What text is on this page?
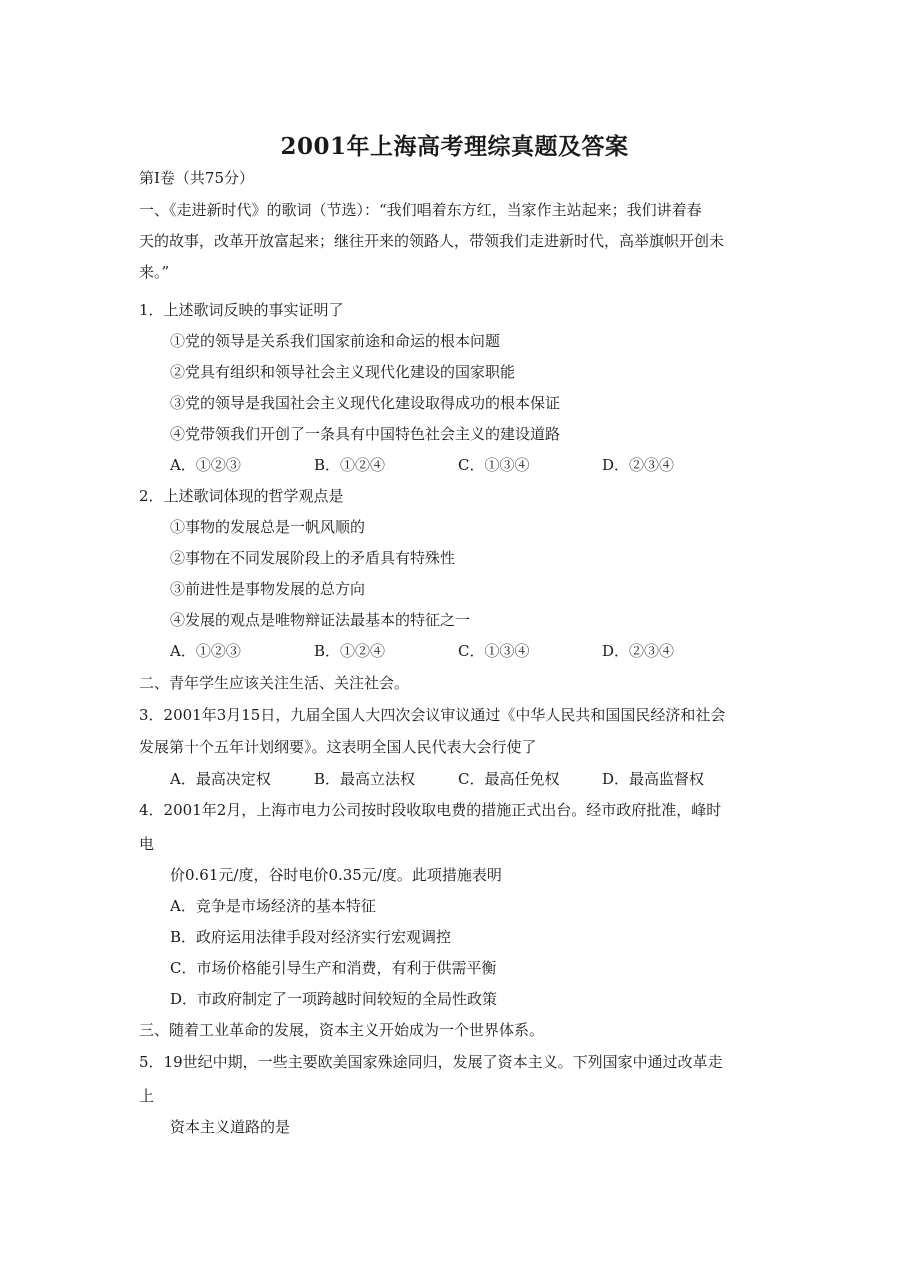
2001年上海高考理综真题及答案
第Ⅰ卷（共75分）
一、《走进新时代》的歌词（节选）：“我们唱着东方红，当家作主站起来；我们讲着春
天的故事，改革开放富起来；继往开来的领路人，带领我们走进新时代，高举旗帜开创未
来。”
1．上述歌词反映的事实证明了
①党的领导是关系我们国家前途和命运的根本问题
②党具有组织和领导社会主义现代化建设的国家职能
③党的领导是我国社会主义现代化建设取得成功的根本保证
④党带领我们开创了一条具有中国特色社会主义的建设道路
A．①②③	B．①②④	C．①③④	D．②③④
2．上述歌词体现的哲学观点是
①事物的发展总是一帆风顺的
②事物在不同发展阶段上的矛盾具有特殊性
③前进性是事物发展的总方向
④发展的观点是唯物辩证法最基本的特征之一
A．①②③	B．①②④	C．①③④	D．②③④
二、青年学生应该关注生活、关注社会。
3．2001年3月15日，九届全国人大四次会议审议通过《中华人民共和国国民经济和社会
发展第十个五年计划纲要》。这表明全国人民代表大会行使了
A．最高决定权	B．最高立法权	C．最高任免权	D．最高监督权
4．2001年2月，上海市电力公司按时段收取电费的措施正式出台。经市政府批准，峰时
电
价0.61元/度，谷时电价0.35元/度。此项措施表明
A．竞争是市场经济的基本特征
B．政府运用法律手段对经济实行宏观调控
C．市场价格能引导生产和消费，有利于供需平衡
D．市政府制定了一项跨越时间较短的全局性政策
三、随着工业革命的发展，资本主义开始成为一个世界体系。
5．19世纪中期，一些主要欧美国家殊途同归，发展了资本主义。下列国家中通过改革走
上
资本主义道路的是
